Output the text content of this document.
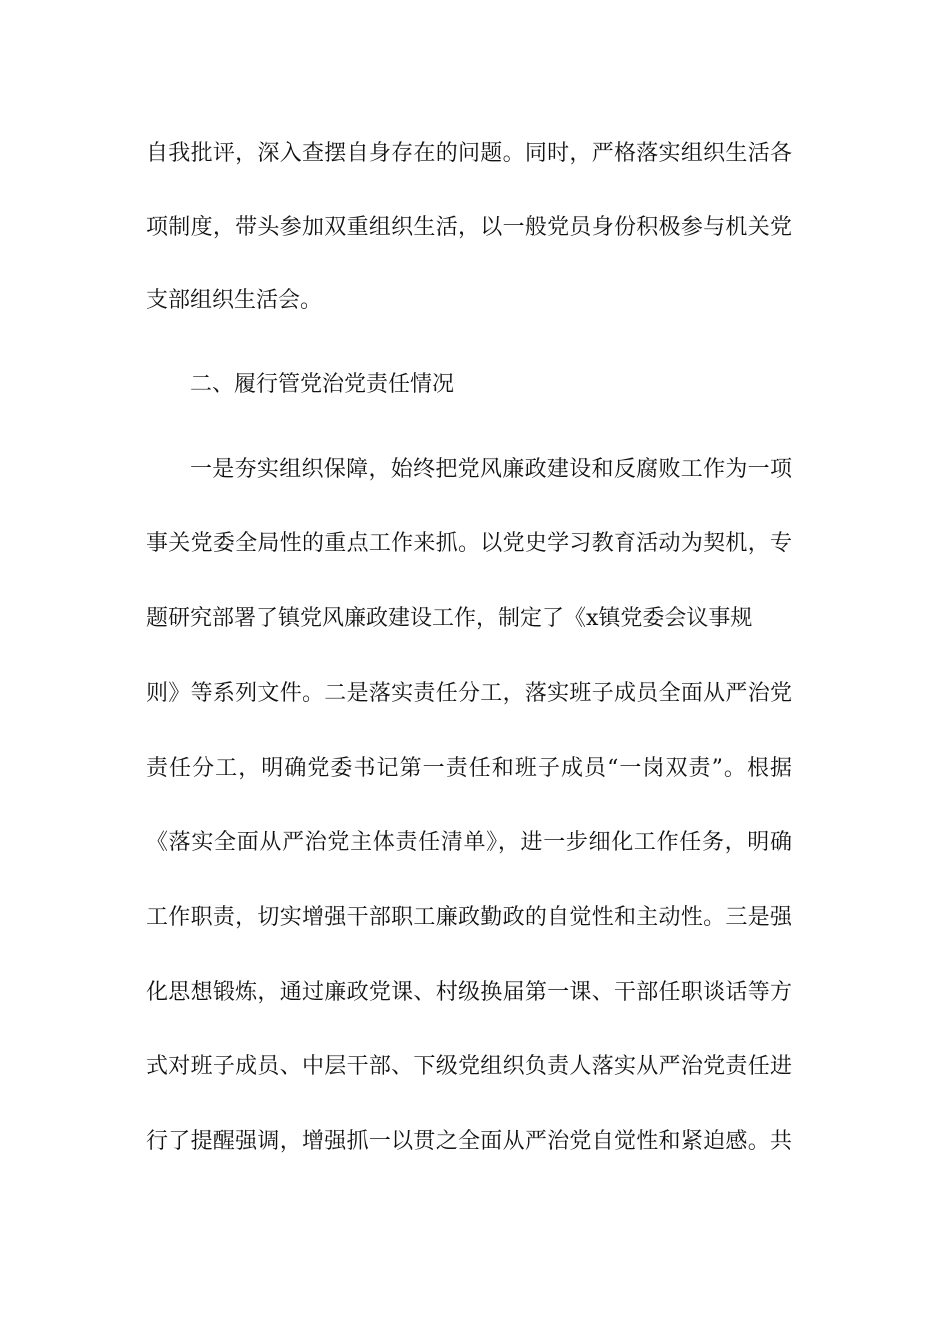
自我批评，深入查摆自身存在的问题。同时，严格落实组织生活各
项制度，带头参加双重组织生活，以一般党员身份积极参与机关党
支部组织生活会。
二、履行管党治党责任情况
一是夯实组织保障，始终把党风廉政建设和反腐败工作为一项
事关党委全局性的重点工作来抓。以党史学习教育活动为契机，专
题研究部署了镇党风廉政建设工作，制定了《x镇党委会议事规
则》等系列文件。二是落实责任分工，落实班子成员全面从严治党
责任分工，明确党委书记第一责任和班子成员“一岗双责”。根据
《落实全面从严治党主体责任清单》，进一步细化工作任务，明确
工作职责，切实增强干部职工廉政勤政的自觉性和主动性。三是强
化思想锻炼，通过廉政党课、村级换届第一课、干部任职谈话等方
式对班子成员、中层干部、下级党组织负责人落实从严治党责任进
行了提醒强调，增强抓一以贯之全面从严治党自觉性和紧迫感。共
